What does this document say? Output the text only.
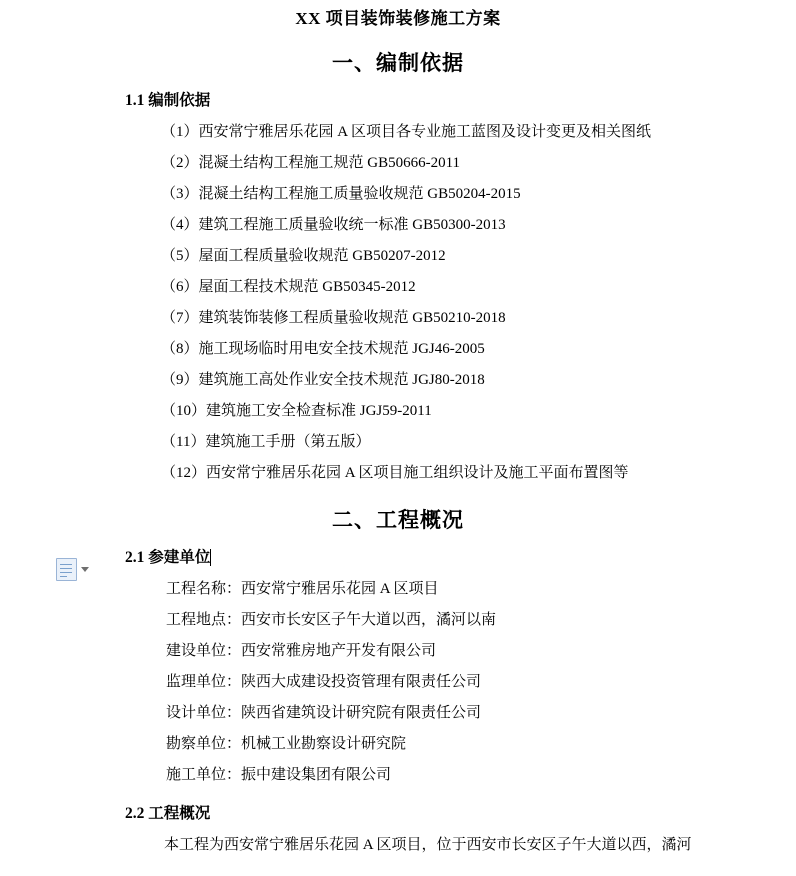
XX 项目装饰装修施工方案
一、编制依据
1.1 编制依据
（1）西安常宁雅居乐花园 A 区项目各专业施工蓝图及设计变更及相关图纸
（2）混凝土结构工程施工规范 GB50666-2011
（3）混凝土结构工程施工质量验收规范 GB50204-2015
（4）建筑工程施工质量验收统一标准 GB50300-2013
（5）屋面工程质量验收规范 GB50207-2012
（6）屋面工程技术规范 GB50345-2012
（7）建筑装饰装修工程质量验收规范 GB50210-2018
（8）施工现场临时用电安全技术规范 JGJ46-2005
（9）建筑施工高处作业安全技术规范 JGJ80-2018
（10）建筑施工安全检查标准 JGJ59-2011
（11）建筑施工手册（第五版）
（12）西安常宁雅居乐花园 A 区项目施工组织设计及施工平面布置图等
二、工程概况
2.1 参建单位
工程名称：西安常宁雅居乐花园 A 区项目
工程地点：西安市长安区子午大道以西，潏河以南
建设单位：西安常雅房地产开发有限公司
监理单位：陕西大成建设投资管理有限责任公司
设计单位：陕西省建筑设计研究院有限责任公司
勘察单位：机械工业勘察设计研究院
施工单位：振中建设集团有限公司
2.2 工程概况
本工程为西安常宁雅居乐花园 A 区项目，位于西安市长安区子午大道以西，潏河
